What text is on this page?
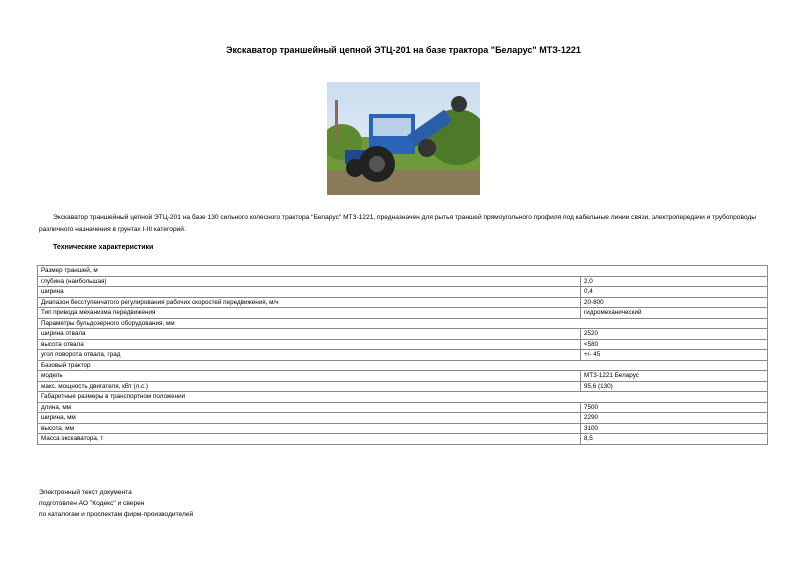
Экскаватор траншейный цепной ЭТЦ-201 на базе трактора "Беларус" МТЗ-1221
Экскаватор траншейный цепной ЭТЦ-201 на базе 130 сильного колесного трактора "Беларус" МТЗ-1221, предназначен для рытья траншей прямоугольного профиля под кабельные линии связи, электропередачи и трубопроводы различного назначения в грунтах I-III категорий.
Технические характеристики
Размер траншей, м	
глубина (наибольшая)	2,0
ширина	0,4
Диапазон бесступенчатого регулирования рабочих скоростей передвижения, м/ч	20-800
Тип привода механизма передвижения	гидромеханический
Параметры бульдозерного оборудования, мм	
ширина отвала	2520
высота отвала	<580
угол поворота отвала, град	+/- 45
Базовый трактор	
модель	МТЗ-1221 Беларус
макс. мощность двигателя, кВт (л.с.)	95,6 (130)
Габаритные размеры в транспортном положении	
длина, мм	7500
ширина, мм	2290
высота, мм	3100
Масса экскаватора, т	8,5
Электронный текст документа
подготовлен АО "Кодекс" и сверен
по каталогам и проспектам фирм-производителей
